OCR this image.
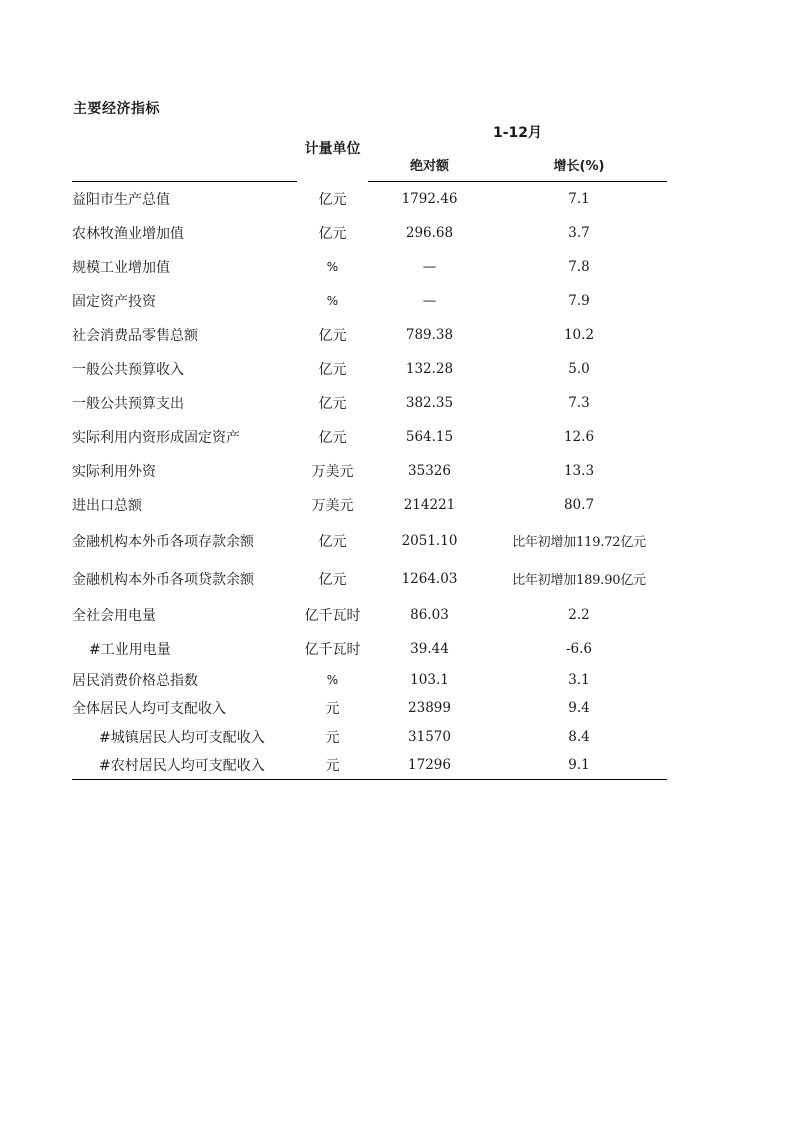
主要经济指标
	计量单位	1-12月	
		绝对额	增长(%)
益阳市生产总值	亿元	1792.46	7.1
农林牧渔业增加值	亿元	296.68	3.7
规模工业增加值	%	—	7.8
固定资产投资	%	—	7.9
社会消费品零售总额	亿元	789.38	10.2
一般公共预算收入	亿元	132.28	5.0
一般公共预算支出	亿元	382.35	7.3
实际利用内资形成固定资产	亿元	564.15	12.6
实际利用外资	万美元	35326	13.3
进出口总额	万美元	214221	80.7
金融机构本外币各项存款余额	亿元	2051.10	比年初增加119.72亿元
金融机构本外币各项贷款余额	亿元	1264.03	比年初增加189.90亿元
全社会用电量	亿千瓦时	86.03	2.2
#工业用电量	亿千瓦时	39.44	-6.6
居民消费价格总指数	%	103.1	3.1
全体居民人均可支配收入	元	23899	9.4
#城镇居民人均可支配收入	元	31570	8.4
#农村居民人均可支配收入	元	17296	9.1
